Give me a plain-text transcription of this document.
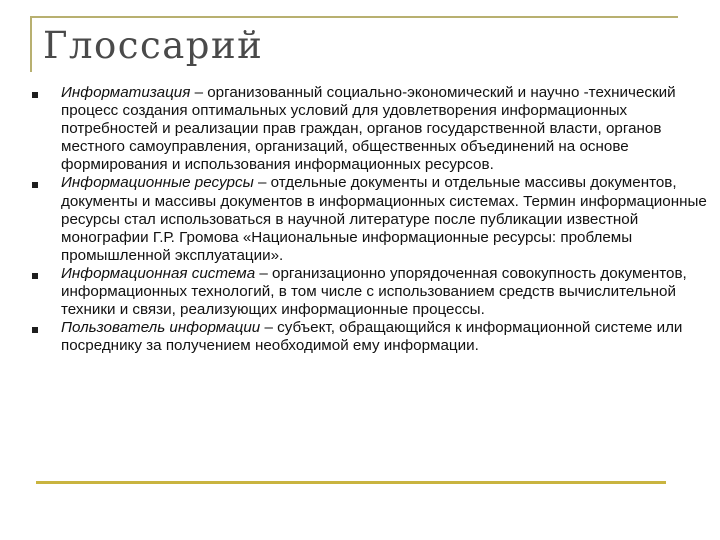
Глоссарий
Информатизация – организованный социально-экономический и научно -технический процесс создания оптимальных условий для удовлетворения информационных потребностей и реализации прав граждан, органов государственной власти, органов местного самоуправления, организаций, общественных объединений на основе формирования и использования информационных ресурсов.
Информационные ресурсы – отдельные документы и отдельные массивы документов, документы и массивы документов в информационных системах. Термин информационные ресурсы стал использоваться в научной литературе после публикации известной монографии Г.Р. Громова «Национальные информационные ресурсы: проблемы промышленной эксплуатации».
Информационная система – организационно упорядоченная совокупность документов, информационных технологий, в том числе с использованием средств вычислительной техники и связи, реализующих информационные процессы.
Пользователь информации – субъект, обращающийся к информационной системе или посреднику за получением необходимой ему информации.
